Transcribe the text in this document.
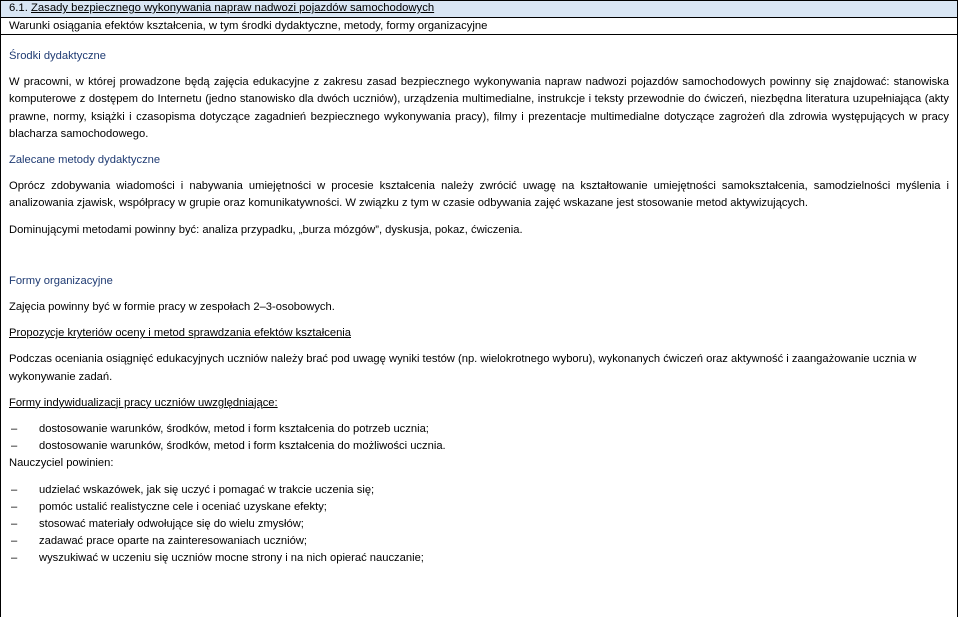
6.1. Zasady bezpiecznego wykonywania napraw nadwozi pojazdów samochodowych
Warunki osiągania efektów kształcenia, w tym środki dydaktyczne, metody, formy organizacyjne

Środki dydaktyczne

W pracowni, w której prowadzone będą zajęcia edukacyjne z zakresu zasad bezpiecznego wykonywania napraw nadwozi pojazdów samochodowych powinny się znajdować: stanowiska komputerowe z dostępem do Internetu (jedno stanowisko dla dwóch uczniów), urządzenia multimedialne, instrukcje i teksty przewodnie do ćwiczeń, niezbędna literatura uzupełniająca (akty prawne, normy, książki i czasopisma dotyczące zagadnień bezpiecznego wykonywania pracy), filmy i prezentacje multimedialne dotyczące zagrożeń dla zdrowia występujących w pracy blacharza samochodowego.

Zalecane metody dydaktyczne

Oprócz zdobywania wiadomości i nabywania umiejętności w procesie kształcenia należy zwrócić uwagę na kształtowanie umiejętności samokształcenia, samodzielności myślenia i analizowania zjawisk, współpracy w grupie oraz komunikatywności. W związku z tym w czasie odbywania zajęć wskazane jest stosowanie metod aktywizujących.

Dominującymi metodami powinny być: analiza przypadku, „burza mózgów”, dyskusja, pokaz, ćwiczenia.

Formy organizacyjne

Zajęcia powinny być w formie pracy w zespołach 2–3-osobowych.

Propozycje kryteriów oceny i metod sprawdzania efektów kształcenia

Podczas oceniania osiągnięć edukacyjnych uczniów należy brać pod uwagę wyniki testów (np. wielokrotnego wyboru), wykonanych ćwiczeń oraz aktywność i zaangażowanie ucznia w wykonywanie zadań.

Formy indywidualizacji pracy uczniów uwzględniające:

– dostosowanie warunków, środków, metod i form kształcenia do potrzeb ucznia;
– dostosowanie warunków, środków, metod i form kształcenia do możliwości ucznia.

Nauczyciel powinien:

– udzielać wskazówek, jak się uczyć i pomagać w trakcie uczenia się;
– pomóc ustalić realistyczne cele i oceniać uzyskane efekty;
– stosować materiały odwołujące się do wielu zmysłów;
– zadawać prace oparte na zainteresowaniach uczniów;
– wyszukiwać w uczeniu się uczniów mocne strony i na nich opierać nauczanie;
